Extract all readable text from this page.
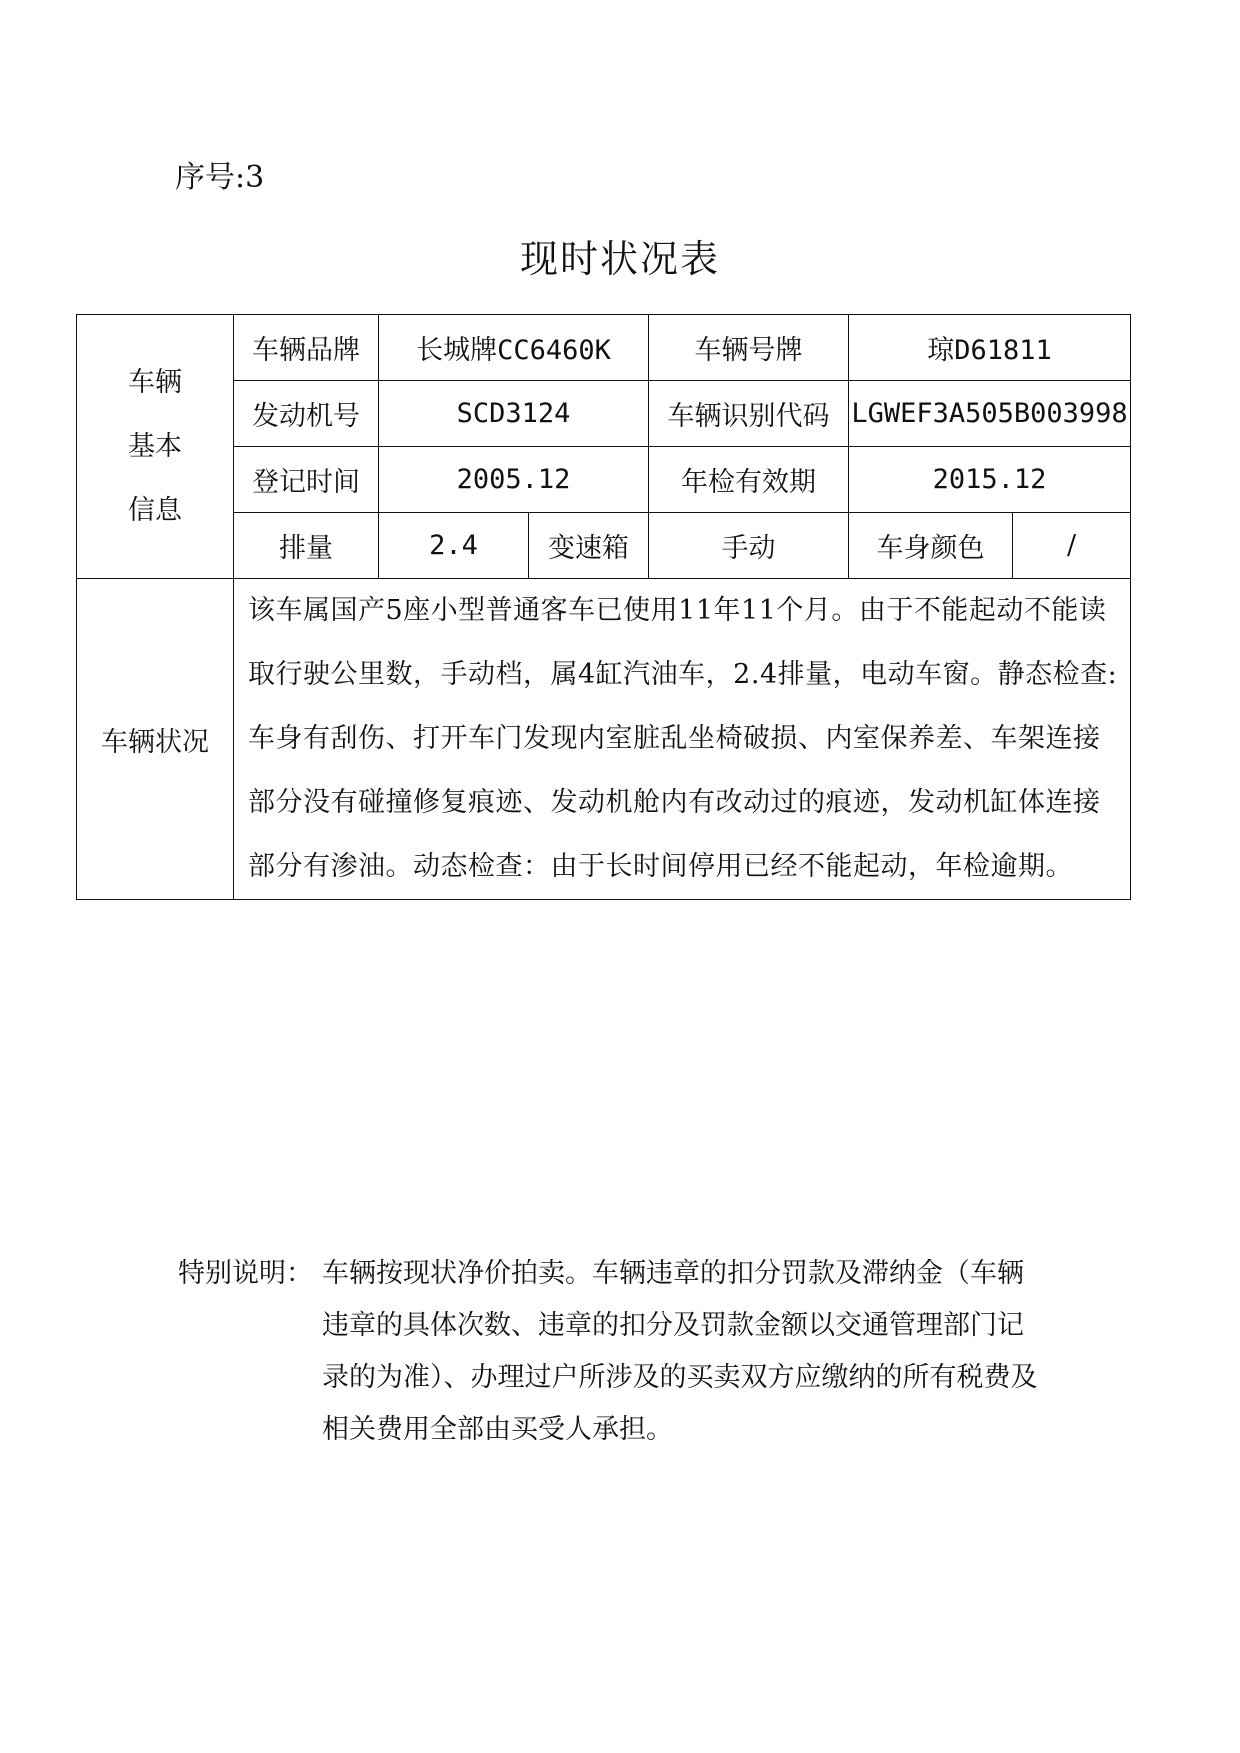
序号:3
现时状况表
车辆
基本
信息	车辆品牌	长城牌CC6460K		车辆号牌	琼D61811	
	发动机号	SCD3124		车辆识别代码	LGWEF3A505B003998	
	登记时间	2005.12		年检有效期	2015.12	
	排量	2.4	变速箱	手动	车身颜色	/
车辆状况	该车属国产5座小型普通客车已使用11年11个月。由于不能起动不能读取行驶公里数，手动档，属4缸汽油车，2.4排量，电动车窗。静态检查:车身有刮伤、打开车门发现内室脏乱坐椅破损、内室保养差、车架连接部分没有碰撞修复痕迹、发动机舱内有改动过的痕迹，发动机缸体连接部分有渗油。动态检查：由于长时间停用已经不能起动，年检逾期。					
特别说明： 车辆按现状净价拍卖。车辆违章的扣分罚款及滞纳金（车辆违章的具体次数、违章的扣分及罚款金额以交通管理部门记录的为准）、办理过户所涉及的买卖双方应缴纳的所有税费及相关费用全部由买受人承担。
